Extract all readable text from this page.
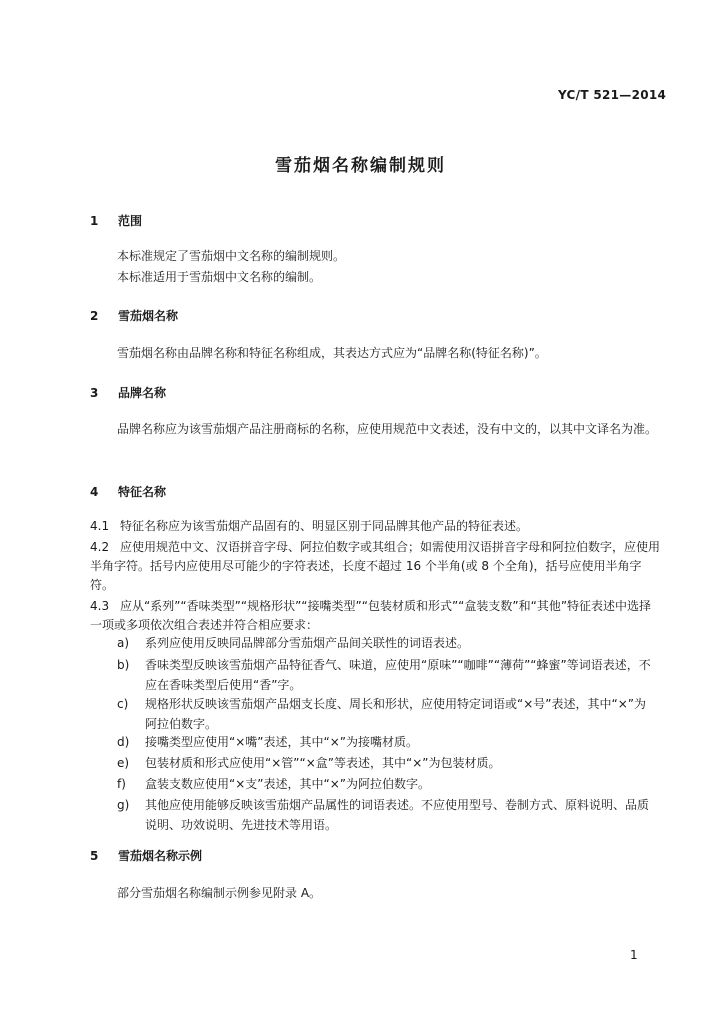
YC/T 521—2014
雪茄烟名称编制规则
1 范围
本标准规定了雪茄烟中文名称的编制规则。
本标准适用于雪茄烟中文名称的编制。
2 雪茄烟名称
雪茄烟名称由品牌名称和特征名称组成，其表达方式应为“品牌名称(特征名称)”。
3 品牌名称
品牌名称应为该雪茄烟产品注册商标的名称，应使用规范中文表述，没有中文的，以其中文译名为准。
4 特征名称
4.1 特征名称应为该雪茄烟产品固有的、明显区别于同品牌其他产品的特征表述。
4.2 应使用规范中文、汉语拼音字母、阿拉伯数字或其组合；如需使用汉语拼音字母和阿拉伯数字，应使用半角字符。括号内应使用尽可能少的字符表述，长度不超过 16 个半角(或 8 个全角)，括号应使用半角字符。
4.3 应从“系列”“香味类型”“规格形状”“接嘴类型”“包装材质和形式”“盒装支数”和“其他”特征表述中选择一项或多项依次组合表述并符合相应要求：
a) 系列应使用反映同品牌部分雪茄烟产品间关联性的词语表述。
b) 香味类型反映该雪茄烟产品特征香气、味道，应使用“原味”“咖啡”“薄荷”“蜂蜜”等词语表述，不应在香味类型后使用“香”字。
c) 规格形状反映该雪茄烟产品烟支长度、周长和形状，应使用特定词语或“×号”表述，其中“×”为阿拉伯数字。
d) 接嘴类型应使用“×嘴”表述，其中“×”为接嘴材质。
e) 包装材质和形式应使用“×管”“×盒”等表述，其中“×”为包装材质。
f) 盒装支数应使用“×支”表述，其中“×”为阿拉伯数字。
g) 其他应使用能够反映该雪茄烟产品属性的词语表述。不应使用型号、卷制方式、原料说明、品质说明、功效说明、先进技术等用语。
5 雪茄烟名称示例
部分雪茄烟名称编制示例参见附录 A。
1
